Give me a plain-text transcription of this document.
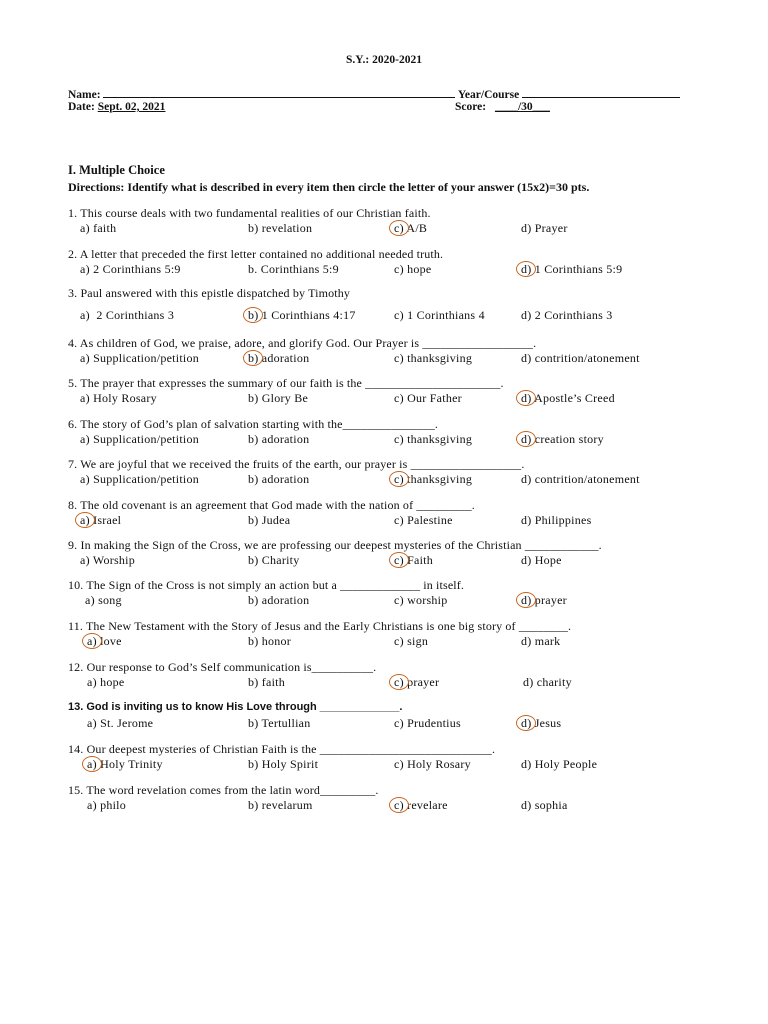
S.Y.: 2020-2021
Name:	Year/Course
Date: Sept. 02, 2021	Score: ____/30___
I. Multiple Choice
Directions: Identify what is described in every item then circle the letter of your answer (15x2)=30 pts.
1. This course deals with two fundamental realities of our Christian faith.
a) faith	b) revelation	c) A/B	d) Prayer
2. A letter that preceded the first letter contained no additional needed truth.
a) 2 Corinthians 5:9	b. Corinthians 5:9	c) hope	d) 1 Corinthians 5:9
3. Paul answered with this epistle dispatched by Timothy
a)  2 Corinthians 3	b) 1 Corinthians 4:17	c) 1 Corinthians 4	d) 2 Corinthians 3
4. As children of God, we praise, adore, and glorify God. Our Prayer is __________________.
a) Supplication/petition	b) adoration	c) thanksgiving	d) contrition/atonement
5. The prayer that expresses the summary of our faith is the ______________________.
a) Holy Rosary	b) Glory Be	c) Our Father	d) Apostle’s Creed
6. The story of God’s plan of salvation starting with the_______________.
a) Supplication/petition	b) adoration	c) thanksgiving	d) creation story
7. We are joyful that we received the fruits of the earth, our prayer is __________________.
a) Supplication/petition	b) adoration	c) thanksgiving	d) contrition/atonement
8. The old covenant is an agreement that God made with the nation of _________.
a) Israel	b) Judea	c) Palestine	d) Philippines
9. In making the Sign of the Cross, we are professing our deepest mysteries of the Christian ____________.
a) Worship	b) Charity	c) Faith	d) Hope
10. The Sign of the Cross is not simply an action but a _____________ in itself.
a) song	b) adoration	c) worship	d) prayer
11. The New Testament with the Story of Jesus and the Early Christians is one big story of ________.
a) love	b) honor	c) sign	d) mark
12. Our response to God’s Self communication is__________.
a) hope	b) faith	c) prayer	d) charity
13. God is inviting us to know His Love through _____________.
a) St. Jerome	b) Tertullian	c) Prudentius	d) Jesus
14. Our deepest mysteries of Christian Faith is the ____________________________.
a) Holy Trinity	b) Holy Spirit	c) Holy Rosary	d) Holy People
15. The word revelation comes from the latin word_________.
a) philo	b) revelarum	c) revelare	d) sophia
